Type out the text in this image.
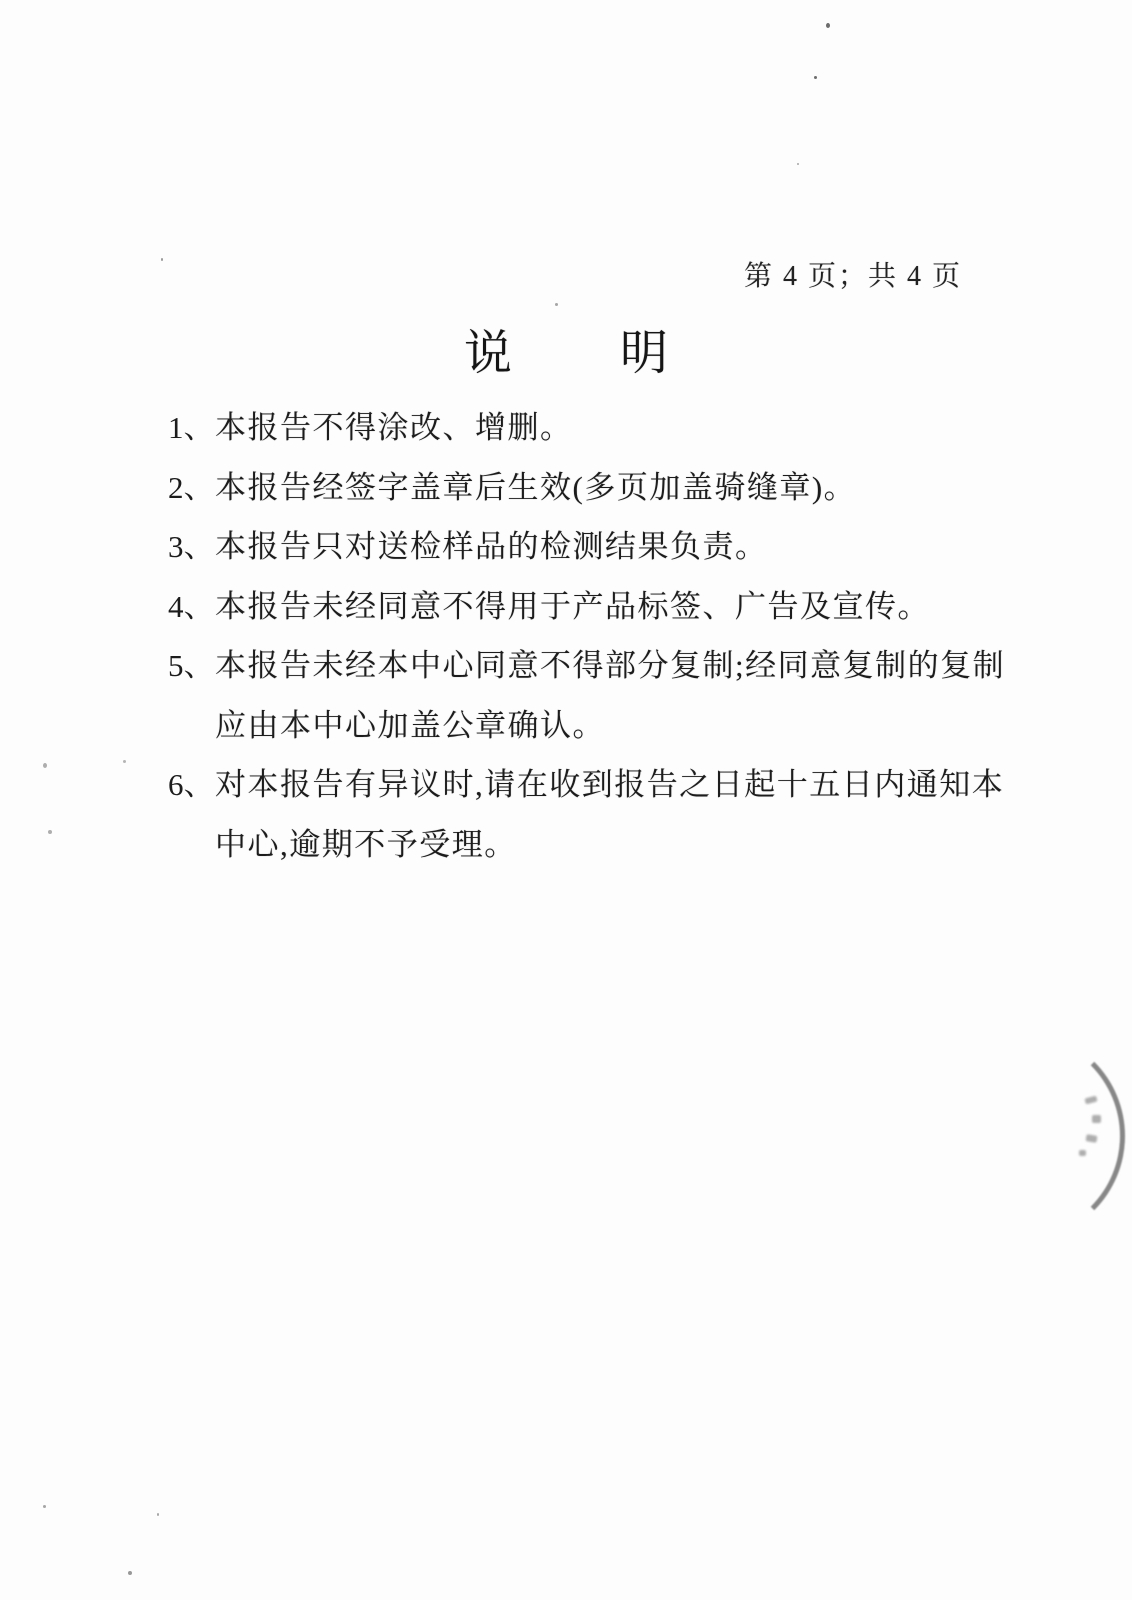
第 4 页；共 4 页
说明
1、 本报告不得涂改、增删。
2、 本报告经签字盖章后生效(多页加盖骑缝章)。
3、 本报告只对送检样品的检测结果负责。
4、 本报告未经同意不得用于产品标签、广告及宣传。
5、 本报告未经本中心同意不得部分复制;经同意复制的复制
应由本中心加盖公章确认。
6、 对本报告有异议时,请在收到报告之日起十五日内通知本
中心,逾期不予受理。
